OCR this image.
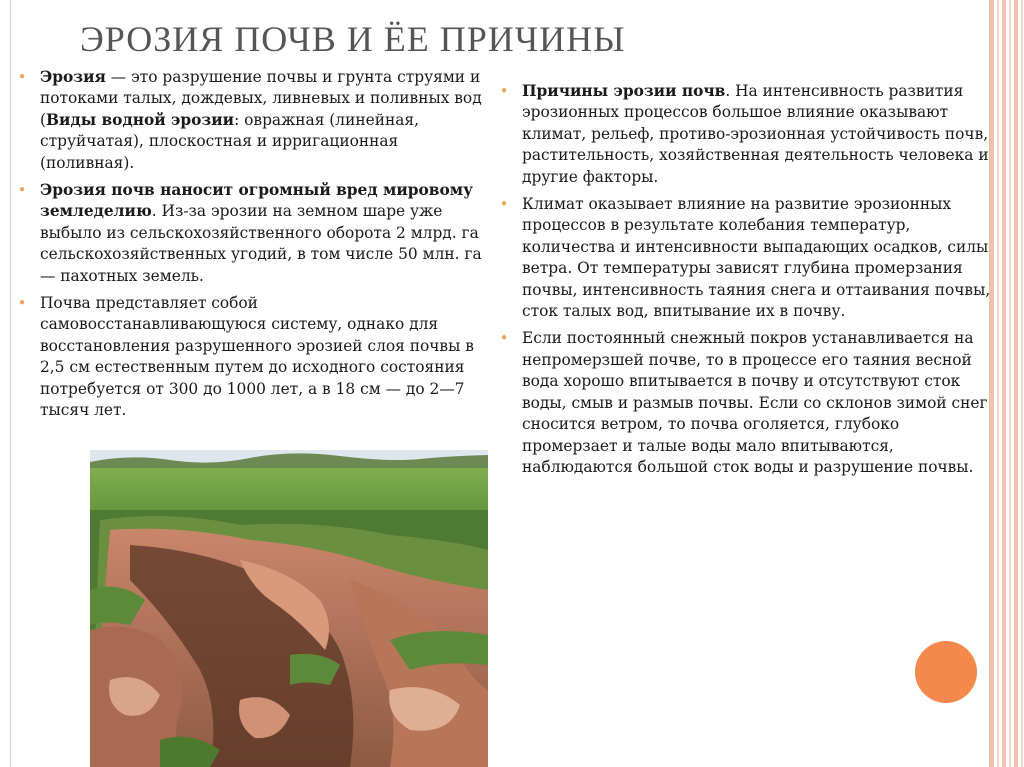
ЭРОЗИЯ ПОЧВ И ЁЕ ПРИЧИНЫ
• Эрозия — это разрушение почвы и грунта струями и потоками талых, дождевых, ливневых и поливных вод (Виды водной эрозии: овражная (линейная, струйчатая), плоскостная и ирригационная (поливная).
• Эрозия почв наносит огромный вред мировому земледелию. Из-за эрозии на земном шаре уже выбыло из сельскохозяйственного оборота 2 млрд. га сельскохозяйственных угодий, в том числе 50 млн. га — пахотных земель.
• Почва представляет собой самовосстанавливающуюся систему, однако для восстановления разрушенного эрозией слоя почвы в 2,5 см естественным путем до исходного состояния потребуется от 300 до 1000 лет, а в 18 см — до 2—7 тысяч лет.
• Причины эрозии почв. На интенсивность развития эрозионных процессов большое влияние оказывают климат, рельеф, противо-эрозионная устойчивость почв, растительность, хозяйственная деятельность человека и другие факторы.
• Климат оказывает влияние на развитие эрозионных процессов в результате колебания температур, количества и интенсивности выпадающих осадков, силы ветра. От температуры зависят глубина промерзания почвы, интенсивность таяния снега и оттаивания почвы, сток талых вод, впитывание их в почву.
• Если постоянный снежный покров устанавливается на непромерзшей почве, то в процессе его таяния весной вода хорошо впитывается в почву и отсутствуют сток воды, смыв и размыв почвы. Если со склонов зимой снег сносится ветром, то почва оголяется, глубоко промерзает и талые воды мало впитываются, наблюдаются большой сток воды и разрушение почвы.
